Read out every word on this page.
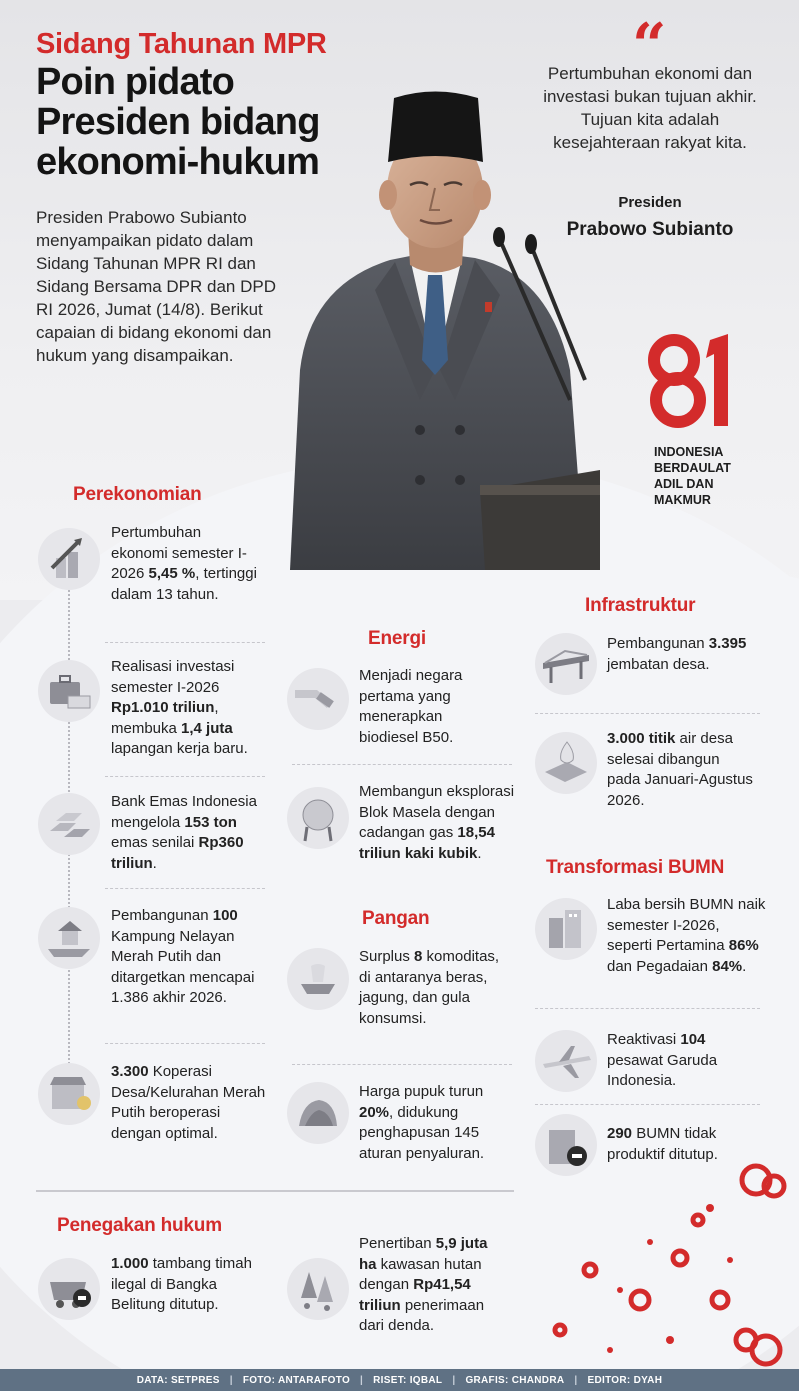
Sidang Tahunan MPR
Poin pidato Presiden bidang ekonomi-hukum
Presiden Prabowo Subianto menyampaikan pidato dalam Sidang Tahunan MPR RI dan Sidang Bersama DPR dan DPD RI 2026, Jumat (14/8). Berikut capaian di bidang ekonomi dan hukum yang disampaikan.
“
Pertumbuhan ekonomi dan investasi bukan tujuan akhir. Tujuan kita adalah kesejahteraan rakyat kita.
Presiden
Prabowo Subianto
INDONESIA
BERDAULAT
ADIL DAN
MAKMUR
Perekonomian
Energi
Pangan
Infrastruktur
Transformasi BUMN
Penegakan hukum
Pertumbuhan ekonomi semester I-2026 5,45 %, tertinggi dalam 13 tahun.
Realisasi investasi semester I-2026 Rp1.010 triliun, membuka 1,4 juta lapangan kerja baru.
Bank Emas Indonesia mengelola 153 ton emas senilai Rp360 triliun.
Pembangunan 100 Kampung Nelayan Merah Putih dan ditargetkan mencapai 1.386 akhir 2026.
3.300 Koperasi Desa/Kelurahan Merah Putih beroperasi dengan optimal.
Menjadi negara pertama yang menerapkan biodiesel B50.
Membangun eksplorasi Blok Masela dengan cadangan gas 18,54 triliun kaki kubik.
Surplus 8 komoditas, di antaranya beras, jagung, dan gula konsumsi.
Harga pupuk turun 20%, didukung penghapusan 145 aturan penyaluran.
Pembangunan 3.395 jembatan desa.
3.000 titik air desa selesai dibangun pada Januari-Agustus 2026.
Laba bersih BUMN naik semester I-2026, seperti Pertamina 86% dan Pegadaian 84%.
Reaktivasi 104 pesawat Garuda Indonesia.
290 BUMN tidak produktif ditutup.
1.000 tambang timah ilegal di Bangka Belitung ditutup.
Penertiban 5,9 juta ha kawasan hutan dengan Rp41,54 triliun penerimaan dari denda.
DATA: SETPRES | FOTO: ANTARAFOTO | RISET: IQBAL | GRAFIS: CHANDRA | EDITOR: DYAH
